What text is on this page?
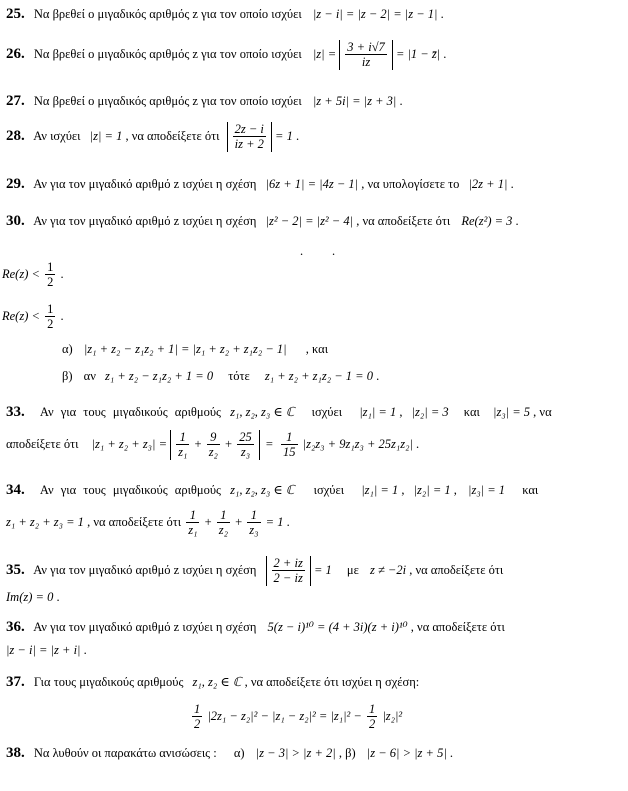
25. Να βρεθεί ο μιγαδικός αριθμός z για τον οποίο ισχύει |z − i| = |z − 2| = |z − 1| .
26. Να βρεθεί ο μιγαδικός αριθμός z για τον οποίο ισχύει $|z| = \frac{3 + i√7}{iz} = |1$ − z̄| .
27. Να βρεθεί ο μιγαδικός αριθμός z για τον οποίο ισχύει |z + 5i| = |z + 3| .
28. Αν ισχύει |z| = 1 , να αποδείξετε ότι $\frac{2z - i}{iz + 2} = 1$ .
29. Αν για τον μιγαδικό αριθμό z ισχύει η σχέση |6z + 1| = |4z − 1| , να υπολογίσετε το |2z + 1| .
30. Αν για τον μιγαδικό αριθμό z ισχύει η σχέση |z² − 2| = |z² − 4| , να αποδείξετε ότι Re(z²) = 3 .
. .
$Re(z) < \frac{1}{2}$ .
$Re(z) < \frac{1}{2}$ .
α) |z₁ + z₂ − z₁z₂ + 1| = |z₁ + z₂ + z₁z₂ − 1| , και
β) αν z₁ + z₂ − z₁z₂ + 1 = 0 τότε z₁ + z₂ + z₁z₂ − 1 = 0 .
33. Αν για τους μιγαδικούς αριθμούς z₁, z₂, z₃ ∈ ℂ ισχύει |z₁| = 1 , |z₂| = 3 και |z₃| = 5 , να
αποδείξετε ότι $|z_1 + z_2 + z_3| = \frac{1}{\text{z₁}} + \frac{9}{\text{z₂}} + \frac{25}{\text{z₃}} = \frac{1}{15} |z_2z_3 + 9z_1z_3 + 25z_1z_2|$ .
34. Αν για τους μιγαδικούς αριθμούς z₁, z₂, z₃ ∈ ℂ ισχύει |z₁| = 1 , |z₂| = 1 , |z₃| = 1 και
z₁ + z₂ + z₃ = 1 , να αποδείξετε ότι $\frac{1}{\text{z₁}} + \frac{1}{\text{z₂}} + \frac{1}{\text{z₃}} = 1$ .
35. Αν για τον μιγαδικό αριθμό z ισχύει η σχέση $\frac{2 + iz}{2 - iz} = 1$ με z ≠ −2i , να αποδείξετε ότι
Im(z) = 0 .
36. Αν για τον μιγαδικό αριθμό z ισχύει η σχέση 5(z − i)¹⁰ = (4 + 3i)(z + i)¹⁰ , να αποδείξετε ότι
|z − i| = |z + i| .
37. Για τους μιγαδικούς αριθμούς z₁, z₂ ∈ ℂ , να αποδείξετε ότι ισχύει η σχέση:
$\frac{1}{2} |2z_1 - z_2|^2 - |z_1 - z_2|^2 = |z_1|^2 - \frac{1}{2} |z_2|^2$
38. Να λυθούν οι παρακάτω ανισώσεις : α) |z − 3| > |z + 2| , β) |z − 6| > |z + 5| .
